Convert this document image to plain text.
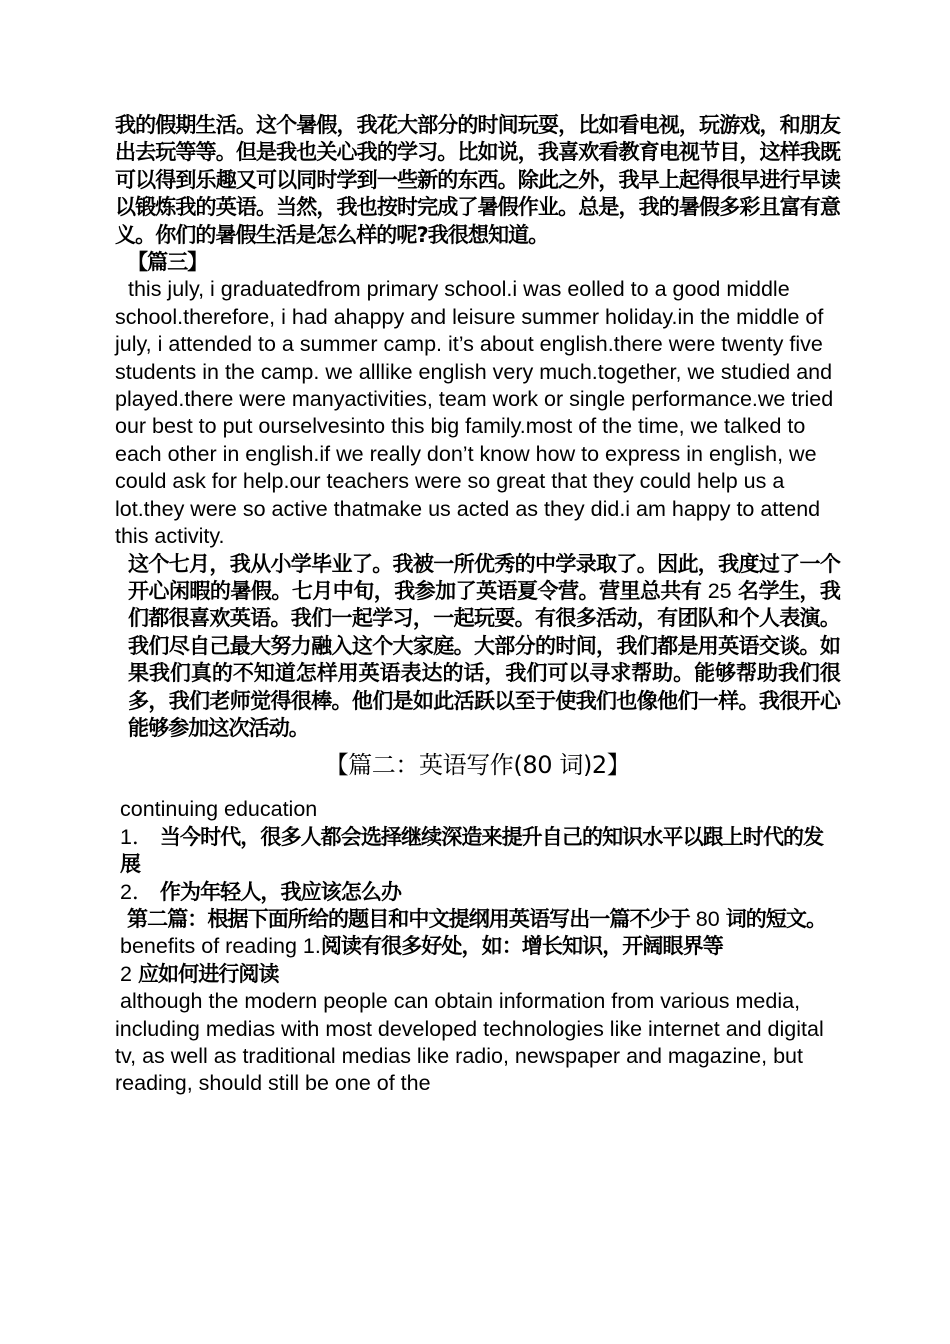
我的假期生活。这个暑假，我花大部分的时间玩耍，比如看电视，玩游戏，和朋友出去玩等等。但是我也关心我的学习。比如说，我喜欢看教育电视节目，这样我既可以得到乐趣又可以同时学到一些新的东西。除此之外，我早上起得很早进行早读以锻炼我的英语。当然，我也按时完成了暑假作业。总是，我的暑假多彩且富有意义。你们的暑假生活是怎么样的呢?我很想知道。

【篇三】

this july, i graduatedfrom primary school.i was eolled to a good middle school.therefore, i had ahappy and leisure summer holiday.in the middle of july, i attended to a summer camp. it’s about english.there were twenty five students in the camp. we alllike english very much.together, we studied and played.there were manyactivities, team work or single performance.we tried our best to put ourselvesinto this big family.most of the time, we talked to each other in english.if we really don’t know how to express in english, we could ask for help.our teachers were so great that they could help us a lot.they were so active thatmake us acted as they did.i am happy to attend this activity.

这个七月，我从小学毕业了。我被一所优秀的中学录取了。因此，我度过了一个开心闲暇的暑假。七月中旬，我参加了英语夏令营。营里总共有 25 名学生，我们都很喜欢英语。我们一起学习，一起玩耍。有很多活动，有团队和个人表演。我们尽自己最大努力融入这个大家庭。大部分的时间，我们都是用英语交谈。如果我们真的不知道怎样用英语表达的话，我们可以寻求帮助。能够帮助我们很多，我们老师觉得很棒。他们是如此活跃以至于使我们也像他们一样。我很开心能够参加这次活动。

【篇二：英语写作(80 词)2】

continuing education

1． 当今时代，很多人都会选择继续深造来提升自己的知识水平以跟上时代的发展

2． 作为年轻人，我应该怎么办

第二篇：根据下面所给的题目和中文提纲用英语写出一篇不少于 80 词的短文。

benefits of reading 1.阅读有很多好处，如：增长知识，开阔眼界等
2 应如何进行阅读

although the modern people can obtain information from various media, including medias with most developed technologies like internet and digital tv, as well as traditional medias like radio, newspaper and magazine, but reading, should still be one of the
